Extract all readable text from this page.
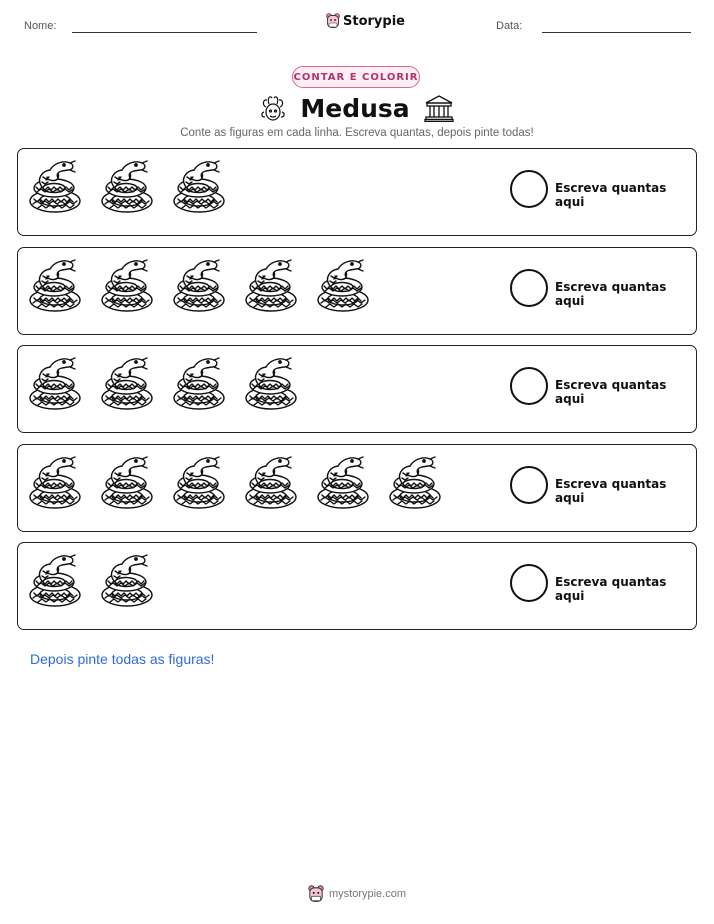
Nome:	Storypie	Data:
CONTAR E COLORIR
Medusa
Conte as figuras em cada linha. Escreva quantas, depois pinte todas!
Escreva quantas aqui
Escreva quantas aqui
Escreva quantas aqui
Escreva quantas aqui
Escreva quantas aqui
Depois pinte todas as figuras!
mystorypie.com
